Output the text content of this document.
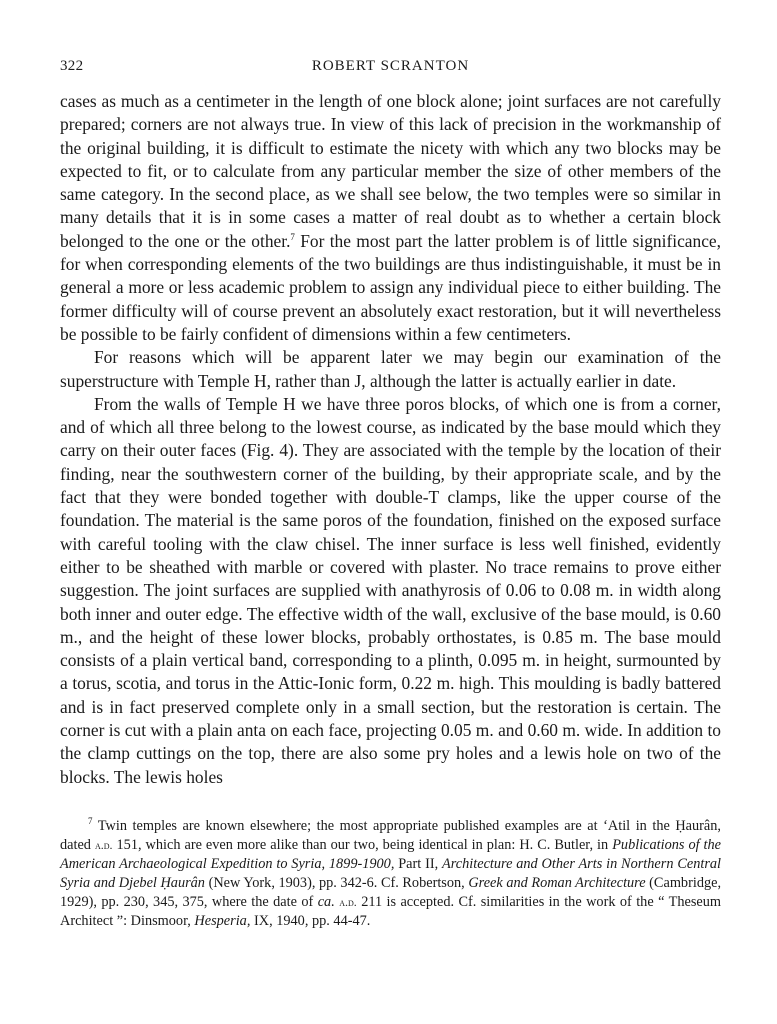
322	ROBERT SCRANTON

cases as much as a centimeter in the length of one block alone; joint surfaces are not carefully prepared; corners are not always true. In view of this lack of precision in the workmanship of the original building, it is difficult to estimate the nicety with which any two blocks may be expected to fit, or to calculate from any particular member the size of other members of the same category. In the second place, as we shall see below, the two temples were so similar in many details that it is in some cases a matter of real doubt as to whether a certain block belonged to the one or the other.$^7$ For the most part the latter problem is of little significance, for when corresponding elements of the two buildings are thus indistinguishable, it must be in general a more or less academic problem to assign any individual piece to either building. The former difficulty will of course prevent an absolutely exact restoration, but it will nevertheless be possible to be fairly confident of dimensions within a few centimeters.

For reasons which will be apparent later we may begin our examination of the superstructure with Temple H, rather than J, although the latter is actually earlier in date.

From the walls of Temple H we have three poros blocks, of which one is from a corner, and of which all three belong to the lowest course, as indicated by the base mould which they carry on their outer faces (Fig. 4). They are associated with the temple by the location of their finding, near the southwestern corner of the building, by their appropriate scale, and by the fact that they were bonded together with double-T clamps, like the upper course of the foundation. The material is the same poros of the foundation, finished on the exposed surface with careful tooling with the claw chisel. The inner surface is less well finished, evidently either to be sheathed with marble or covered with plaster. No trace remains to prove either suggestion. The joint surfaces are supplied with anathyrosis of 0.06 to 0.08 m. in width along both inner and outer edge. The effective width of the wall, exclusive of the base mould, is 0.60 m., and the height of these lower blocks, probably orthostates, is 0.85 m. The base mould consists of a plain vertical band, corresponding to a plinth, 0.095 m. in height, surmounted by a torus, scotia, and torus in the Attic-Ionic form, 0.22 m. high. This moulding is badly battered and is in fact preserved complete only in a small section, but the restoration is certain. The corner is cut with a plain anta on each face, projecting 0.05 m. and 0.60 m. wide. In addition to the clamp cuttings on the top, there are also some pry holes and a lewis hole on two of the blocks. The lewis holes

$^7$ Twin temples are known elsewhere; the most appropriate published examples are at ‘Atil in the Ḥaurân, dated a.d. 151, which are even more alike than our two, being identical in plan: H. C. Butler, in Publications of the American Archaeological Expedition to Syria, 1899-1900, Part II, Architecture and Other Arts in Northern Central Syria and Djebel Ḥaurân (New York, 1903), pp. 342-6. Cf. Robertson, Greek and Roman Architecture (Cambridge, 1929), pp. 230, 345, 375, where the date of ca. a.d. 211 is accepted. Cf. similarities in the work of the “ Theseum Architect ”: Dinsmoor, Hesperia, IX, 1940, pp. 44-47.
